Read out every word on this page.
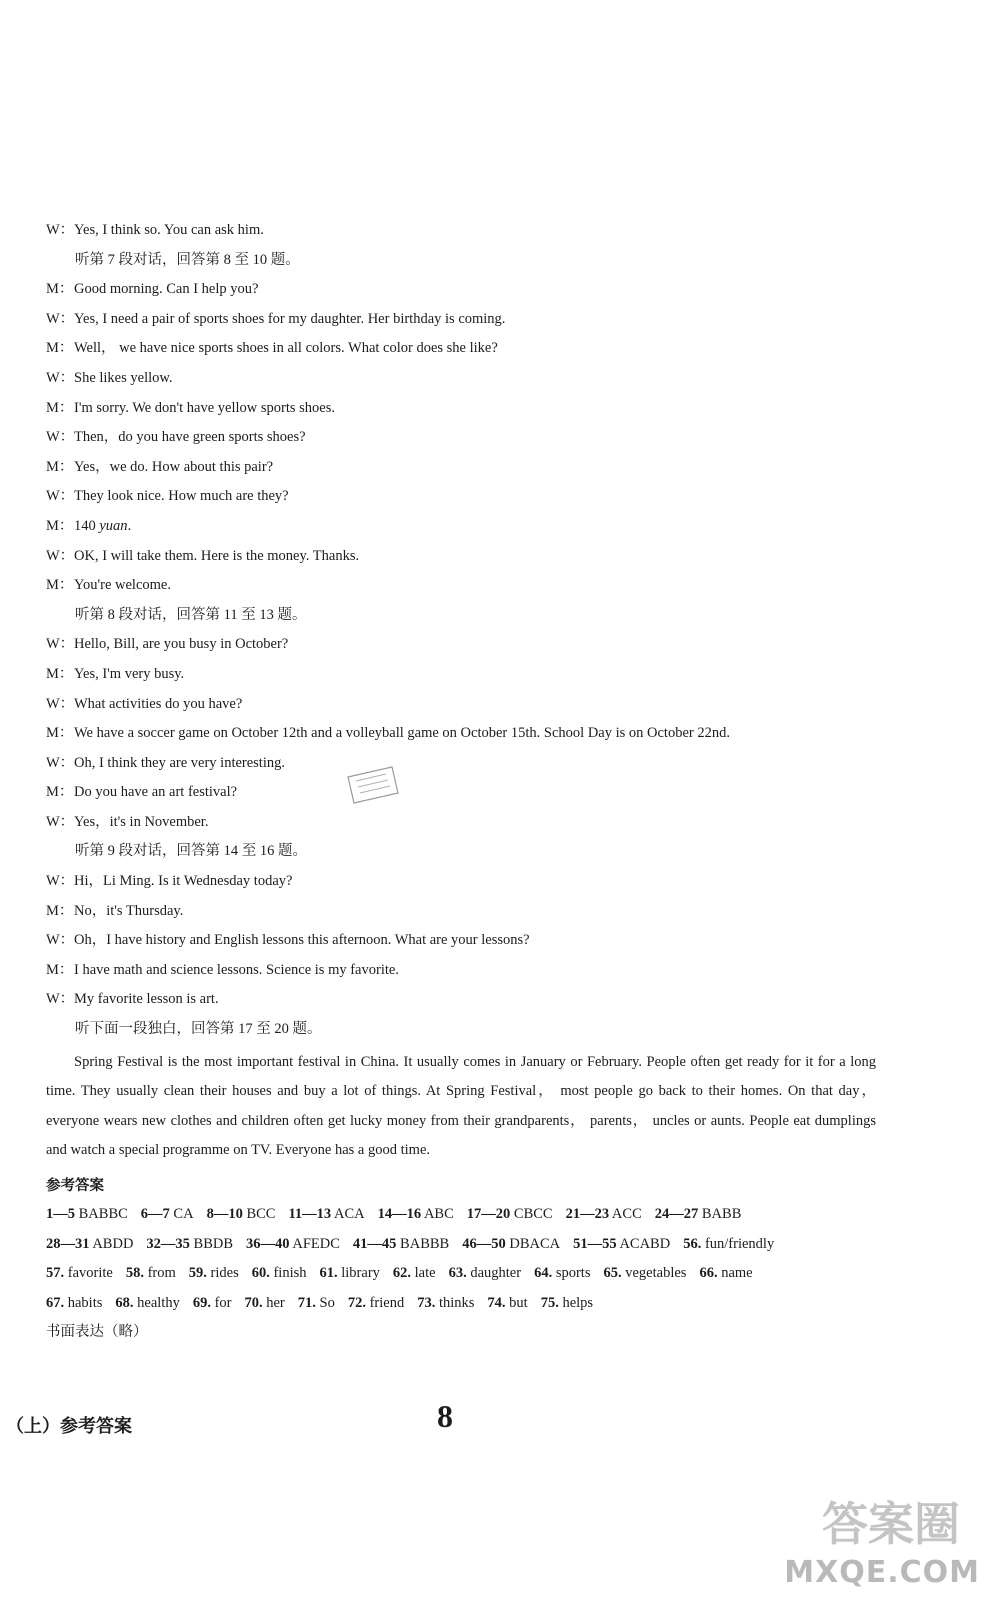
W：Yes, I think so. You can ask him.
听第 7 段对话，回答第 8 至 10 题。
M：Good morning. Can I help you?
W：Yes, I need a pair of sports shoes for my daughter. Her birthday is coming.
M：Well， we have nice sports shoes in all colors. What color does she like?
W：She likes yellow.
M：I'm sorry. We don't have yellow sports shoes.
W：Then，do you have green sports shoes?
M：Yes，we do. How about this pair?
W：They look nice. How much are they?
M：140 yuan.
W：OK, I will take them. Here is the money. Thanks.
M：You're welcome.
听第 8 段对话，回答第 11 至 13 题。
W：Hello, Bill, are you busy in October?
M：Yes, I'm very busy.
W：What activities do you have?
M：We have a soccer game on October 12th and a volleyball game on October 15th. School Day is on October 22nd.
W：Oh, I think they are very interesting.
M：Do you have an art festival?
W：Yes，it's in November.
听第 9 段对话，回答第 14 至 16 题。
W：Hi，Li Ming. Is it Wednesday today?
M：No，it's Thursday.
W：Oh，I have history and English lessons this afternoon. What are your lessons?
M：I have math and science lessons. Science is my favorite.
W：My favorite lesson is art.
听下面一段独白，回答第 17 至 20 题。
Spring Festival is the most important festival in China. It usually comes in January or February. People often get ready for it for a long time. They usually clean their houses and buy a lot of things. At Spring Festival， most people go back to their homes. On that day， everyone wears new clothes and children often get lucky money from their grandparents， parents， uncles or aunts. People eat dumplings and watch a special programme on TV. Everyone has a good time.
参考答案
1—5 BABBC 6—7 CA 8—10 BCC 11—13 ACA 14—16 ABC 17—20 CBCC 21—23 ACC 24—27 BABB
28—31 ABDD 32—35 BBDB 36—40 AFEDC 41—45 BABBB 46—50 DBACA 51—55 ACABD 56. fun/friendly
57. favorite 58. from 59. rides 60. finish 61. library 62. late 63. daughter 64. sports 65. vegetables 66. name
67. habits 68. healthy 69. for 70. her 71. So 72. friend 73. thinks 74. but 75. helps
书面表达（略）
（上）参考答案	8
答案圈
MXQE.COM
